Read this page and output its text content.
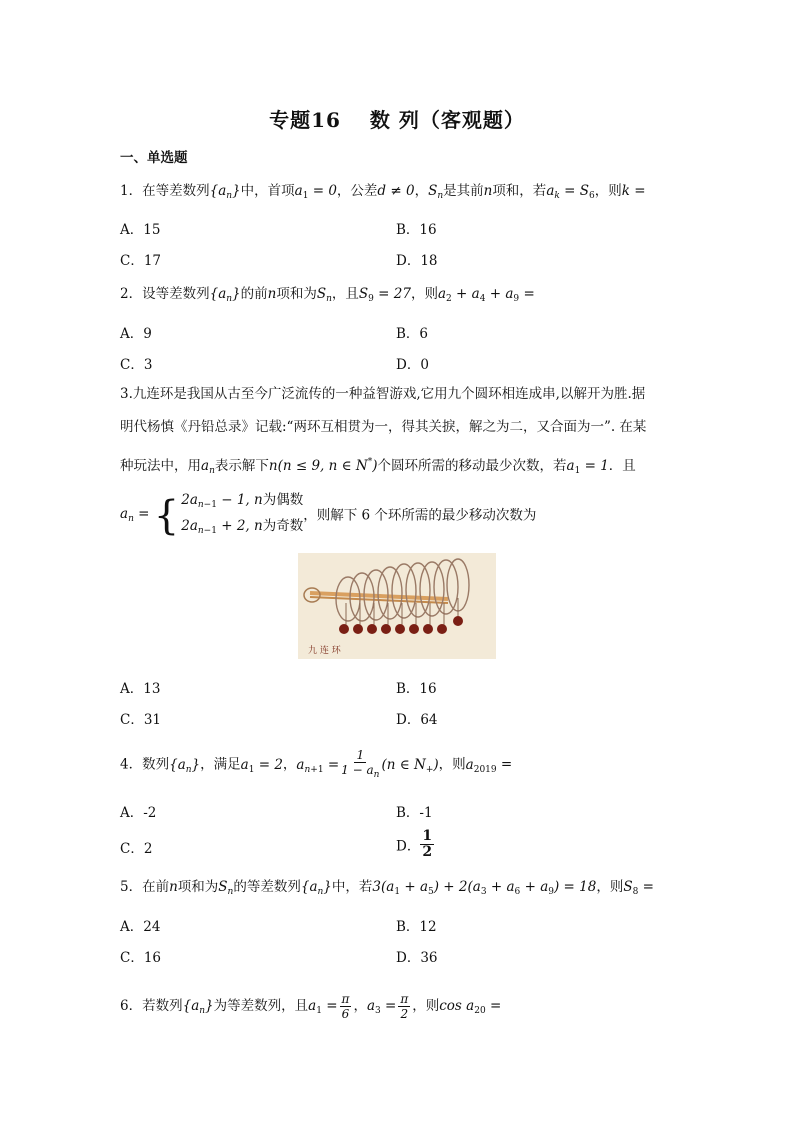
专题16　 数 列（客观题）
一、单选题
1．在等差数列$\{a_n\}$中，首项$a_1 = 0$，公差d ≠ 0，$S_n$是其前n项和，若$a_k = S_6$，则k =
A．15	B．16
C．17	D．18
2．设等差数列$\{a_n\}$的前n项和为$S_n$，且$S_9 = 27$，则$a_2 + a_4 + a_9$ =
A．9	B．6
C．3	D．0
3.九连环是我国从古至今广泛流传的一种益智游戏,它用九个圆环相连成串,以解开为胜.据
明代杨慎《丹铅总录》记载:“两环互相贯为一，得其关捩，解之为二，又合面为一”. 在某
种玩法中，用$a_n$表示解下n(n ≤ 9, n ∈ N*)个圆环所需的移动最少次数，若$a_1 = 1$．且
$a_n$ = { $2a_{n-1} - 1$, n为偶数
$2a_{n-1} + 2$, n为奇数
，则解下 6 个环所需的最少移动次数为
九 连 环
A．13	B．16
C．31	D．64
4．数列$\{a_n\}$，满足$a_1 = 2$，$a_{n+1} = \frac{1}{1 - a_n} (n$ ∈ $N_+$)，则$a_{2019}$ =
A．-2	B．-1
C．2	D． $\frac{1}{2}$
5．在前n项和为$S_n$的等差数列$\{a_n\}$中，若$3(a_1 + a_5) + 2(a_3 + a_6 + a_9) = 18$，则$S_8$ =
A．24	B．12
C．16	D．36
6．若数列$\{a_n\}$为等差数列，且$a_1 = \frac{\pi}{6}$ ，$a_3 = \frac{\pi}{2}$ ，则$\cos a_{20}$ =
